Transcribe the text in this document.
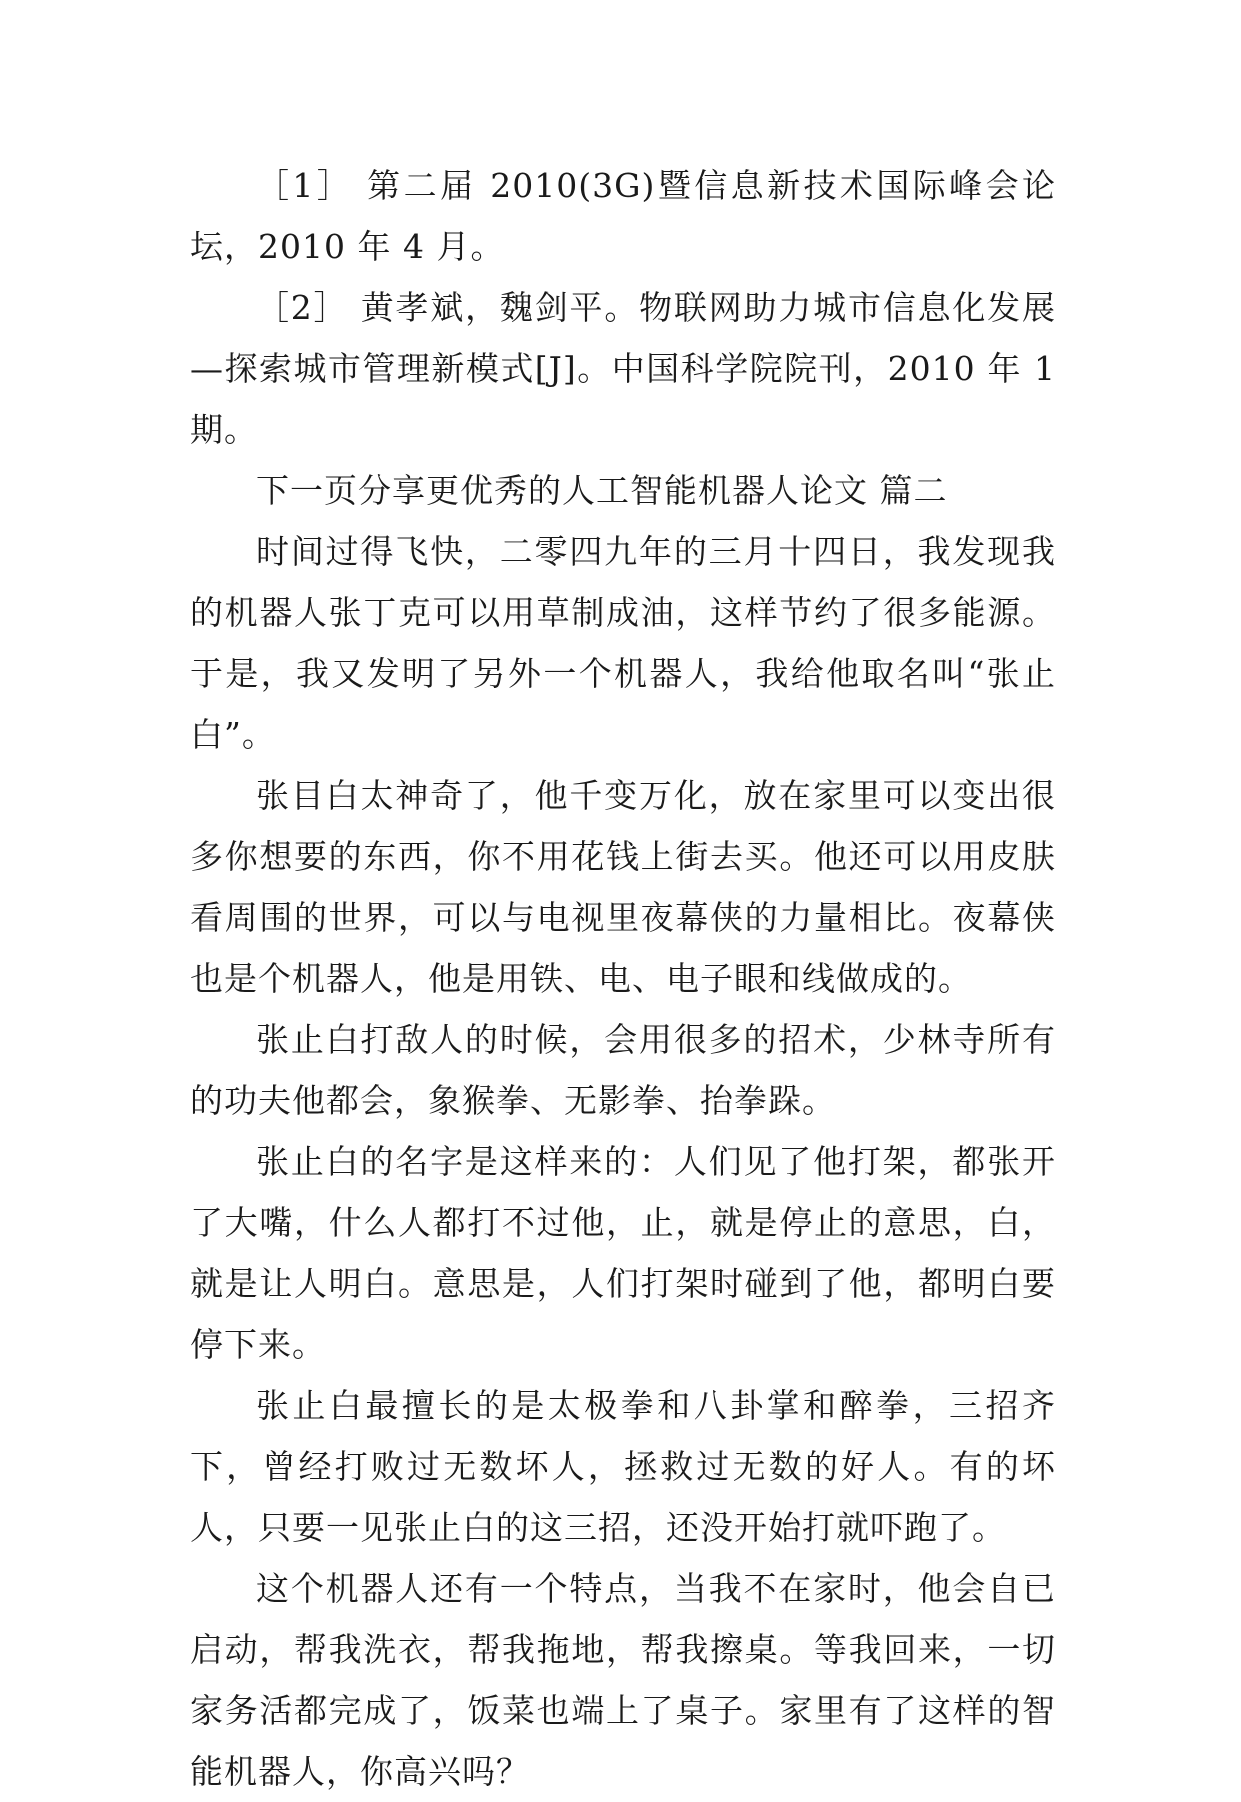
［1］ 第二届 2010(3G)暨信息新技术国际峰会论坛，2010 年 4 月。

［2］ 黄孝斌，魏剑平。物联网助力城市信息化发展—探索城市管理新模式[J]。中国科学院院刊，2010 年 1 期。

下一页分享更优秀的人工智能机器人论文 篇二

时间过得飞快，二零四九年的三月十四日，我发现我的机器人张丁克可以用草制成油，这样节约了很多能源。于是，我又发明了另外一个机器人，我给他取名叫“张止白”。

张目白太神奇了，他千变万化，放在家里可以变出很多你想要的东西，你不用花钱上街去买。他还可以用皮肤看周围的世界，可以与电视里夜幕侠的力量相比。夜幕侠也是个机器人，他是用铁、电、电子眼和线做成的。

张止白打敌人的时候，会用很多的招术，少林寺所有的功夫他都会，象猴拳、无影拳、抬拳跺。

张止白的名字是这样来的：人们见了他打架，都张开了大嘴，什么人都打不过他，止，就是停止的意思，白，就是让人明白。意思是，人们打架时碰到了他，都明白要停下来。

张止白最擅长的是太极拳和八卦掌和醉拳，三招齐下，曾经打败过无数坏人，拯救过无数的好人。有的坏人，只要一见张止白的这三招，还没开始打就吓跑了。

这个机器人还有一个特点，当我不在家时，他会自已启动，帮我洗衣，帮我拖地，帮我擦桌。等我回来，一切家务活都完成了，饭菜也端上了桌子。家里有了这样的智能机器人，你高兴吗？
